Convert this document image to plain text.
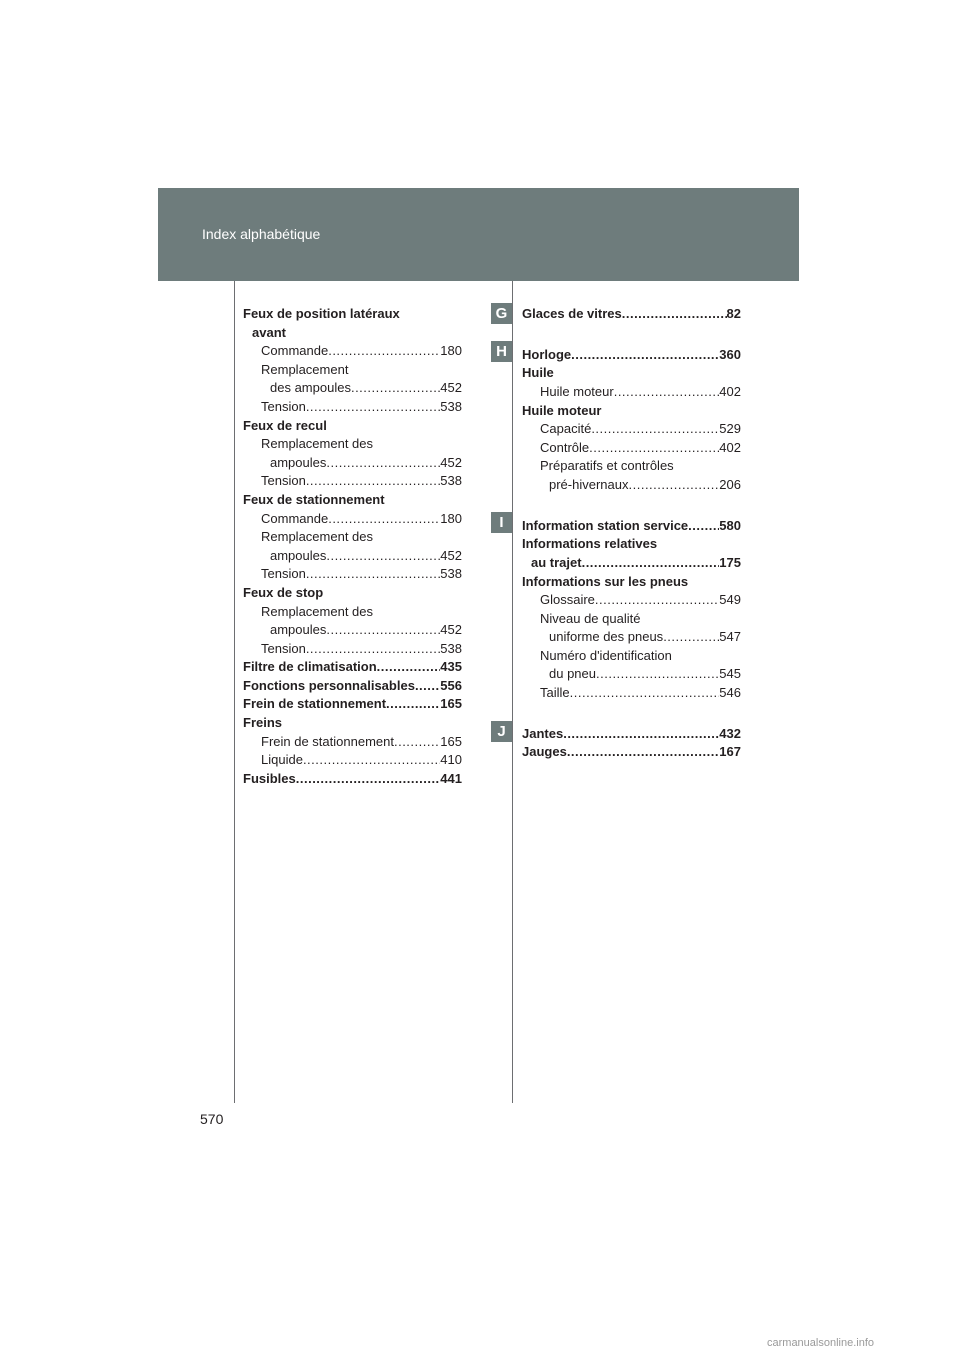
Index alphabétique
Feux de position latéraux
avant
Commande .....	180
Remplacement
des ampoules .....	452
Tension .....	538
Feux de recul
Remplacement des
ampoules .....	452
Tension .....	538
Feux de stationnement
Commande .....	180
Remplacement des
ampoules .....	452
Tension .....	538
Feux de stop
Remplacement des
ampoules .....	452
Tension .....	538
Filtre de climatisation .....	435
Fonctions personnalisables ..... 556
Frein de stationnement .....	165
Freins
Frein de stationnement .....	165
Liquide .....	410
Fusibles .....	441
G
H
I
J
Glaces de vitres .....	82
Horloge .....	360
Huile
Huile moteur .....	402
Huile moteur
Capacité .....	529
Contrôle .....	402
Préparatifs et contrôles
pré-hivernaux .....	206
Information station service ..... 580
Informations relatives
au trajet .....	175
Informations sur les pneus
Glossaire .....	549
Niveau de qualité
uniforme des pneus .....	547
Numéro d'identification
du pneu .....	545
Taille .....	546
Jantes .....	432
Jauges .....	167
570
carmanualsonline.info
